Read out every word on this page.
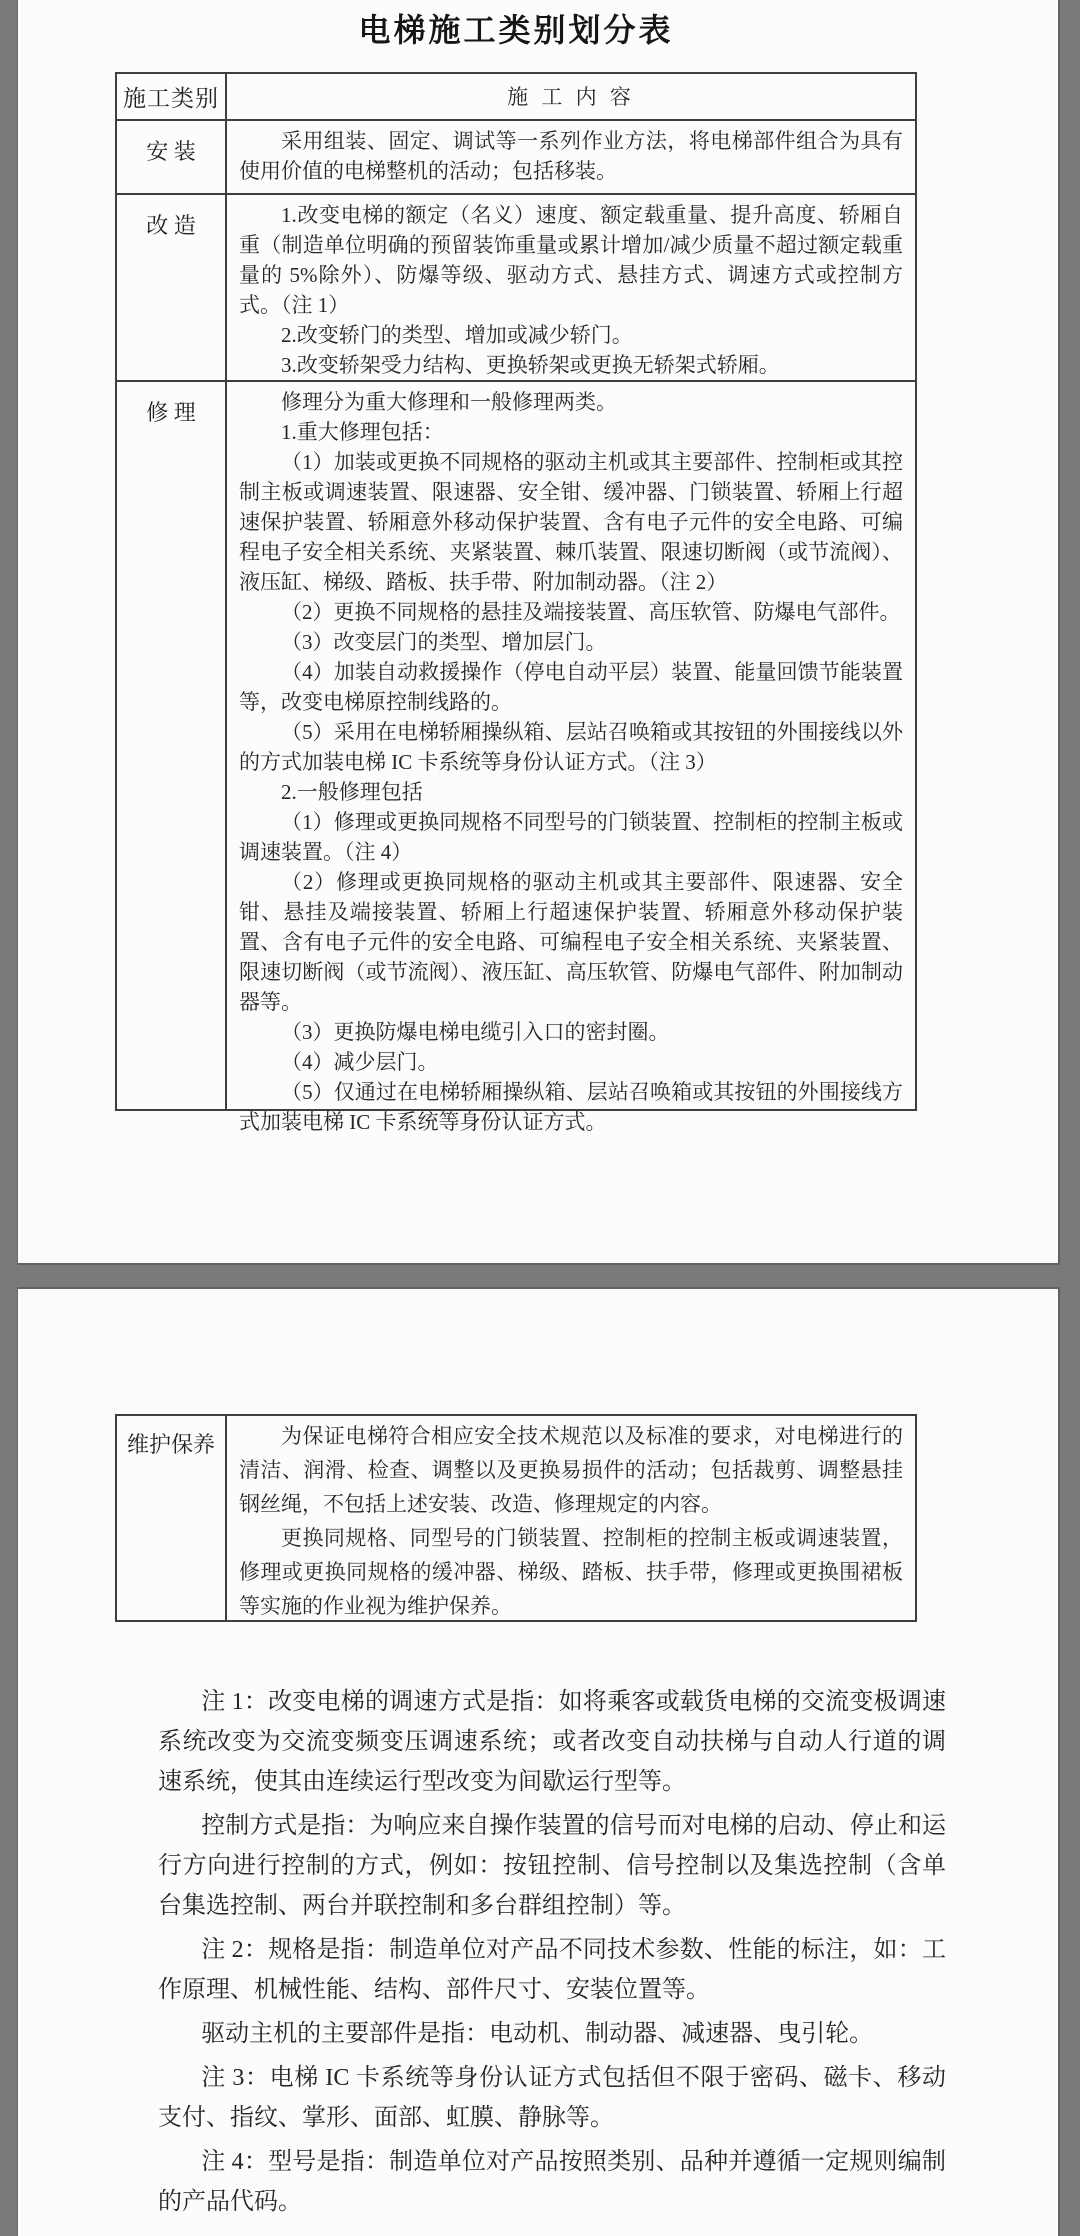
电梯施工类别划分表
施工类别	施 工 内 容
安 装	采用组装、固定、调试等一系列作业方法，将电梯部件组合为具有使用价值的电梯整机的活动；包括移装。

改 造	1.改变电梯的额定（名义）速度、额定载重量、提升高度、轿厢自重（制造单位明确的预留装饰重量或累计增加/减少质量不超过额定载重量的 5%除外）、防爆等级、驱动方式、悬挂方式、调速方式或控制方式。（注 1）

2.改变轿门的类型、增加或减少轿门。

3.改变轿架受力结构、更换轿架或更换无轿架式轿厢。

修 理	修理分为重大修理和一般修理两类。

1.重大修理包括：

（1）加装或更换不同规格的驱动主机或其主要部件、控制柜或其控制主板或调速装置、限速器、安全钳、缓冲器、门锁装置、轿厢上行超速保护装置、轿厢意外移动保护装置、含有电子元件的安全电路、可编程电子安全相关系统、夹紧装置、棘爪装置、限速切断阀（或节流阀）、液压缸、梯级、踏板、扶手带、附加制动器。（注 2）

（2）更换不同规格的悬挂及端接装置、高压软管、防爆电气部件。

（3）改变层门的类型、增加层门。

（4）加装自动救援操作（停电自动平层）装置、能量回馈节能装置等，改变电梯原控制线路的。

（5）采用在电梯轿厢操纵箱、层站召唤箱或其按钮的外围接线以外的方式加装电梯 IC 卡系统等身份认证方式。（注 3）

2.一般修理包括

（1）修理或更换同规格不同型号的门锁装置、控制柜的控制主板或调速装置。（注 4）

（2）修理或更换同规格的驱动主机或其主要部件、限速器、安全钳、悬挂及端接装置、轿厢上行超速保护装置、轿厢意外移动保护装置、含有电子元件的安全电路、可编程电子安全相关系统、夹紧装置、限速切断阀（或节流阀）、液压缸、高压软管、防爆电气部件、附加制动器等。

（3）更换防爆电梯电缆引入口的密封圈。

（4）减少层门。

（5）仅通过在电梯轿厢操纵箱、层站召唤箱或其按钮的外围接线方式加装电梯 IC 卡系统等身份认证方式。

维护保养	为保证电梯符合相应安全技术规范以及标准的要求，对电梯进行的清洁、润滑、检查、调整以及更换易损件的活动；包括裁剪、调整悬挂钢丝绳，不包括上述安装、改造、修理规定的内容。

更换同规格、同型号的门锁装置、控制柜的控制主板或调速装置，修理或更换同规格的缓冲器、梯级、踏板、扶手带，修理或更换围裙板等实施的作业视为维护保养。

注 1：改变电梯的调速方式是指：如将乘客或载货电梯的交流变极调速系统改变为交流变频变压调速系统；或者改变自动扶梯与自动人行道的调速系统，使其由连续运行型改变为间歇运行型等。

控制方式是指：为响应来自操作装置的信号而对电梯的启动、停止和运行方向进行控制的方式，例如：按钮控制、信号控制以及集选控制（含单台集选控制、两台并联控制和多台群组控制）等。

注 2：规格是指：制造单位对产品不同技术参数、性能的标注，如：工作原理、机械性能、结构、部件尺寸、安装位置等。

驱动主机的主要部件是指：电动机、制动器、减速器、曳引轮。

注 3：电梯 IC 卡系统等身份认证方式包括但不限于密码、磁卡、移动支付、指纹、掌形、面部、虹膜、静脉等。

注 4：型号是指：制造单位对产品按照类别、品种并遵循一定规则编制的产品代码。
